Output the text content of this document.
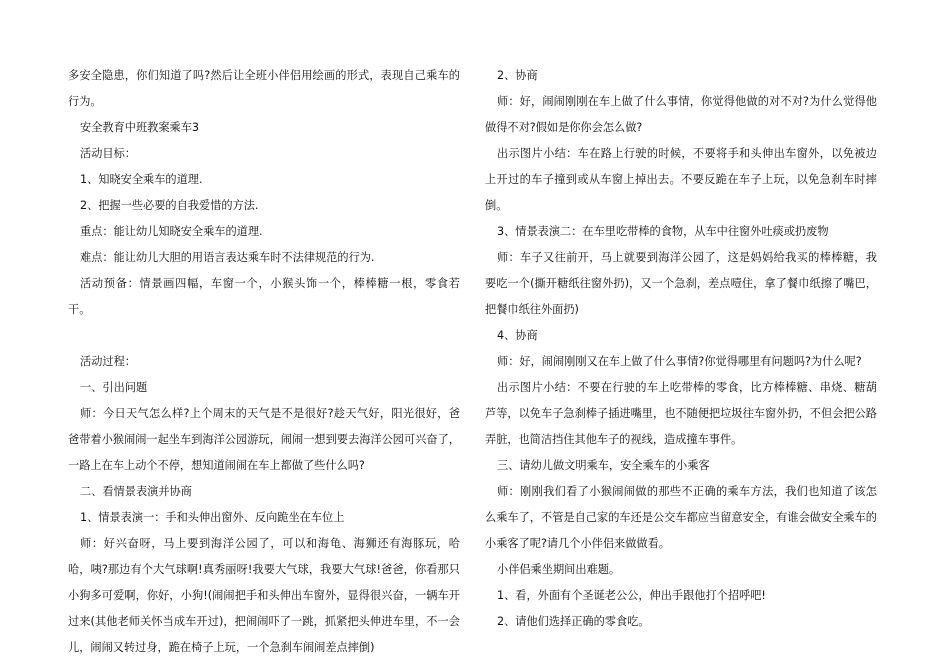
多安全隐患，你们知道了吗?然后让全班小伴侣用绘画的形式，表现自己乘车的行为。

安全教育中班教案乘车3

活动目标：

1、知晓安全乘车的道理.

2、把握一些必要的自我爱惜的方法.

重点：能让幼儿知晓安全乘车的道理.

难点：能让幼儿大胆的用语言表达乘车时不法律规范的行为.

活动预备：情景画四幅，车窗一个，小猴头饰一个，棒棒糖一根，零食若干。

活动过程：

一、引出问题

师：今日天气怎么样?上个周末的天气是不是很好?趁天气好，阳光很好，爸爸带着小猴闹闹一起坐车到海洋公园游玩，闹闹一想到要去海洋公园可兴奋了，一路上在车上动个不停，想知道闹闹在车上都做了些什么吗?

二、看情景表演并协商

1、情景表演一：手和头伸出窗外、反向跪坐在车位上

师：好兴奋呀，马上要到海洋公园了，可以和海龟、海狮还有海豚玩，哈哈，咦?那边有个大气球啊!真秀丽呀!我要大气球，我要大气球!爸爸，你看那只小狗多可爱啊，你好，小狗!(闹闹把手和头伸出车窗外，显得很兴奋，一辆车开过来(其他老师关怀当成车开过)，把闹闹吓了一跳，抓紧把头伸进车里，不一会儿，闹闹又转过身，跪在椅子上玩，一个急刹车闹闹差点摔倒)

2、协商

师：好，闹闹刚刚在车上做了什么事情，你觉得他做的对不对?为什么觉得他做得不对?假如是你你会怎么做?

出示图片小结：车在路上行驶的时候，不要将手和头伸出车窗外，以免被边上开过的车子撞到或从车窗上掉出去。不要反跪在车子上玩，以免急刹车时摔倒。

3、情景表演二：在车里吃带棒的食物，从车中往窗外吐痰或扔废物

师：车子又往前开，马上就要到海洋公园了，这是妈妈给我买的棒棒糖，我要吃一个(撕开糖纸往窗外扔)，又一个急刹，差点噎住，拿了餐巾纸擦了嘴巴，把餐巾纸往外面扔)

4、协商

师：好，闹闹刚刚又在车上做了什么事情?你觉得哪里有问题吗?为什么呢?

出示图片小结：不要在行驶的车上吃带棒的零食，比方棒棒糖、串烧、糖葫芦等，以免车子急刹棒子插进嘴里，也不随便把垃圾往车窗外扔，不但会把公路弄脏，也简洁挡住其他车子的视线，造成撞车事件。

三、请幼儿做文明乘车，安全乘车的小乘客

师：刚刚我们看了小猴闹闹做的那些不正确的乘车方法，我们也知道了该怎么乘车了，不管是自己家的车还是公交车都应当留意安全，有谁会做安全乘车的小乘客了呢?请几个小伴侣来做做看。

小伴侣乘坐期间出难题。

1、看，外面有个圣诞老公公，伸出手跟他打个招呼吧!

2、请他们选择正确的零食吃。
